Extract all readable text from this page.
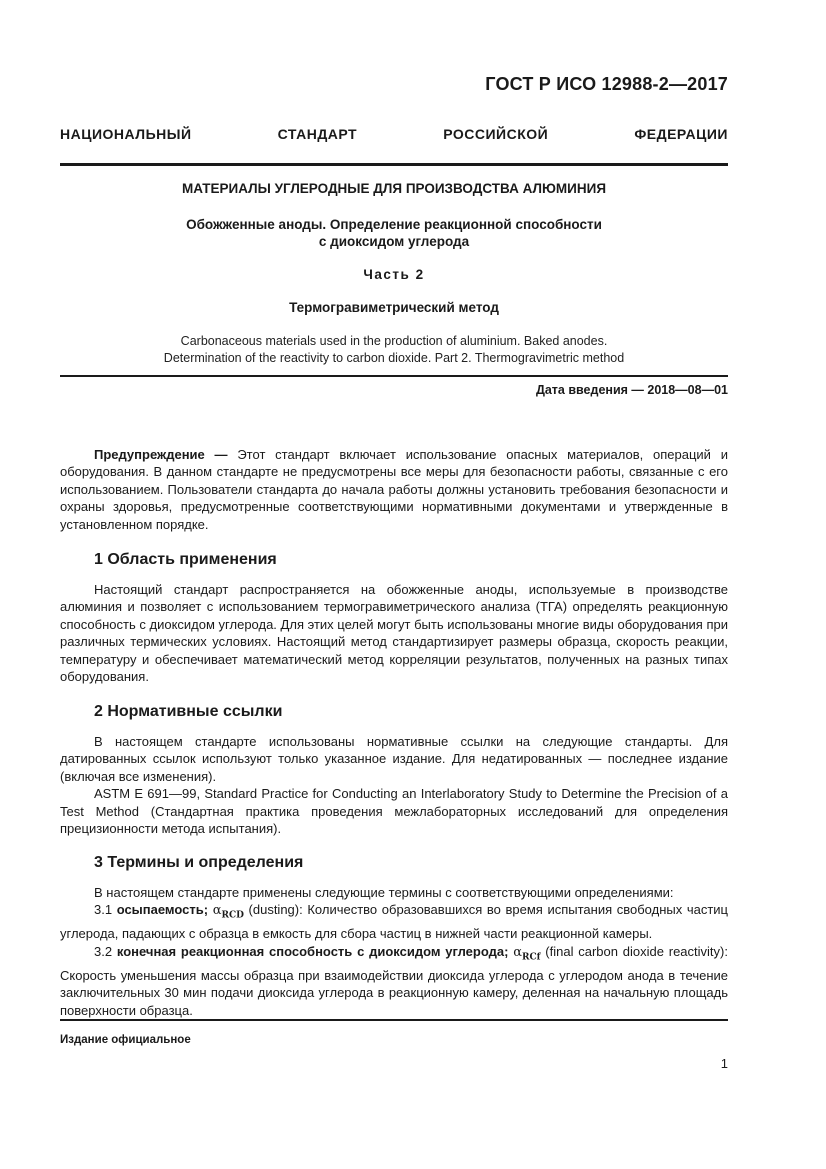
ГОСТ Р ИСО 12988-2—2017
НАЦИОНАЛЬНЫЙ СТАНДАРТ РОССИЙСКОЙ ФЕДЕРАЦИИ
МАТЕРИАЛЫ УГЛЕРОДНЫЕ ДЛЯ ПРОИЗВОДСТВА АЛЮМИНИЯ
Обожженные аноды. Определение реакционной способности
с диоксидом углерода
Часть 2
Термогравиметрический метод
Carbonaceous materials used in the production of aluminium. Baked anodes.
Determination of the reactivity to carbon dioxide. Part 2. Thermogravimetric method
Дата введения — 2018—08—01

Предупреждение — Этот стандарт включает использование опасных материалов, операций и оборудования. В данном стандарте не предусмотрены все меры для безопасности работы, связанные с его использованием. Пользователи стандарта до начала работы должны установить требования безопасности и охраны здоровья, предусмотренные соответствующими нормативными документами и утвержденные в установленном порядке.

1 Область применения

Настоящий стандарт распространяется на обожженные аноды, используемые в производстве алюминия и позволяет с использованием термогравиметрического анализа (ТГА) определять реакционную способность с диоксидом углерода. Для этих целей могут быть использованы многие виды оборудования при различных термических условиях. Настоящий метод стандартизирует размеры образца, скорость реакции, температуру и обеспечивает математический метод корреляции результатов, полученных на разных типах оборудования.

2 Нормативные ссылки

В настоящем стандарте использованы нормативные ссылки на следующие стандарты. Для датированных ссылок используют только указанное издание. Для недатированных — последнее издание (включая все изменения).

ASTM E 691—99, Standard Practice for Conducting an Interlaboratory Study to Determine the Precision of a Test Method (Стандартная практика проведения межлабораторных исследований для определения прецизионности метода испытания).

3 Термины и определения

В настоящем стандарте применены следующие термины с соответствующими определениями:

3.1 осыпаемость; $\alpha_{RCD}$ (dusting): Количество образовавшихся во время испытания свободных частиц углерода, падающих с образца в емкость для сбора частиц в нижней части реакционной камеры.

3.2 конечная реакционная способность с диоксидом углерода; $\alpha_{RCf}$ (final carbon dioxide reactivity): Скорость уменьшения массы образца при взаимодействии диоксида углерода с углеродом анода в течение заключительных 30 мин подачи диоксида углерода в реакционную камеру, деленная на начальную площадь поверхности образца.

Издание официальное
1
